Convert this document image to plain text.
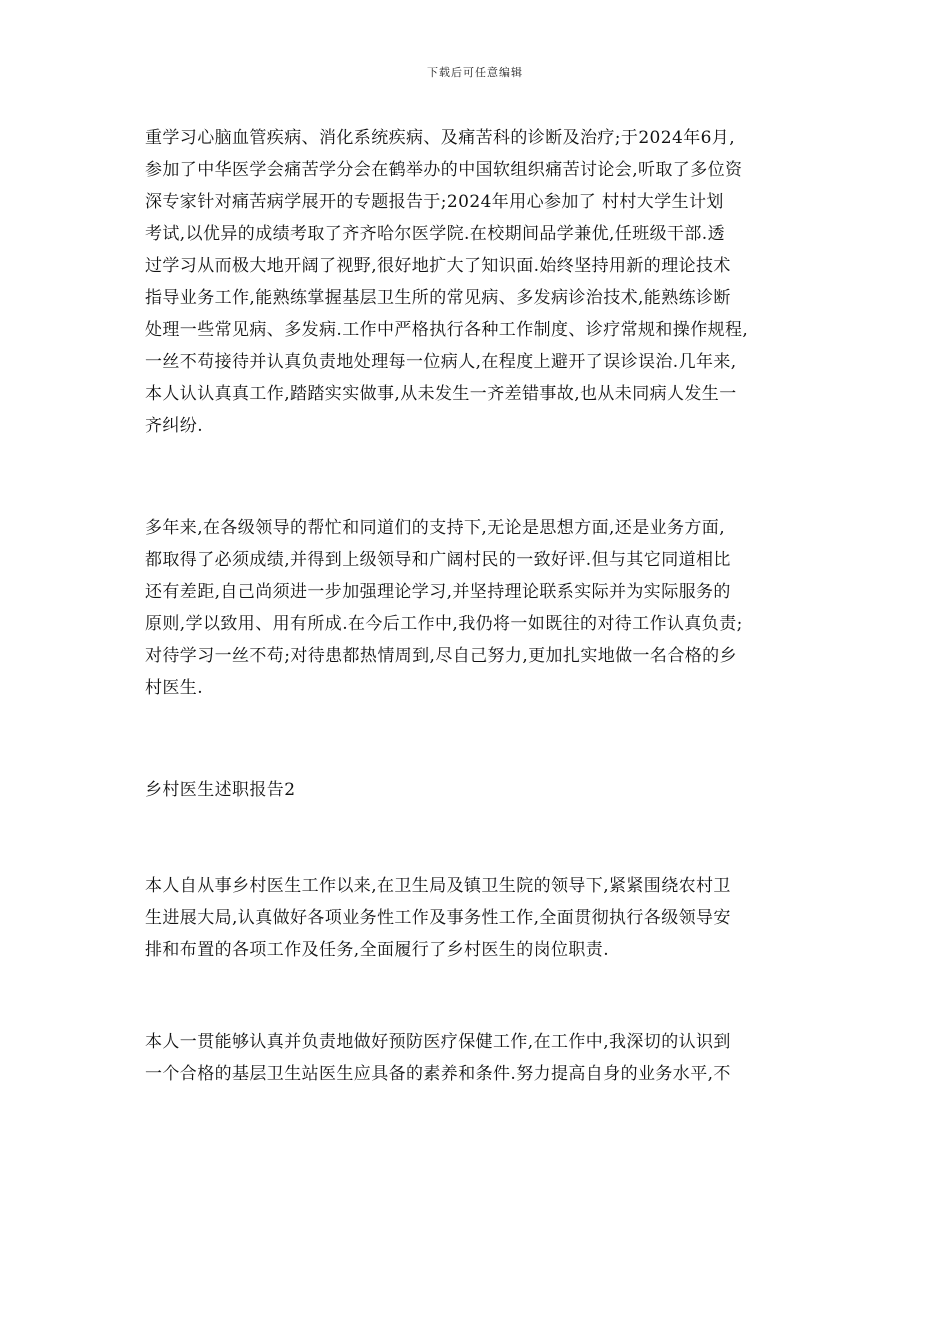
下载后可任意编辑
重学习心脑血管疾病、消化系统疾病、及痛苦科的诊断及治疗;于2024年6月,
参加了中华医学会痛苦学分会在鹤举办的中国软组织痛苦讨论会,听取了多位资
深专家针对痛苦病学展开的专题报告于;2024年用心参加了 村村大学生计划
考试,以优异的成绩考取了齐齐哈尔医学院.在校期间品学兼优,任班级干部.透
过学习从而极大地开阔了视野,很好地扩大了知识面.始终坚持用新的理论技术
指导业务工作,能熟练掌握基层卫生所的常见病、多发病诊治技术,能熟练诊断
处理一些常见病、多发病.工作中严格执行各种工作制度、诊疗常规和操作规程,
一丝不苟接待并认真负责地处理每一位病人,在程度上避开了误诊误治.几年来,
本人认认真真工作,踏踏实实做事,从未发生一齐差错事故,也从未同病人发生一
齐纠纷.
多年来,在各级领导的帮忙和同道们的支持下,无论是思想方面,还是业务方面,
都取得了必须成绩,并得到上级领导和广阔村民的一致好评.但与其它同道相比
还有差距,自己尚须进一步加强理论学习,并坚持理论联系实际并为实际服务的
原则,学以致用、用有所成.在今后工作中,我仍将一如既往的对待工作认真负责;
对待学习一丝不苟;对待患都热情周到,尽自己努力,更加扎实地做一名合格的乡
村医生.
乡村医生述职报告2
本人自从事乡村医生工作以来,在卫生局及镇卫生院的领导下,紧紧围绕农村卫
生进展大局,认真做好各项业务性工作及事务性工作,全面贯彻执行各级领导安
排和布置的各项工作及任务,全面履行了乡村医生的岗位职责.
本人一贯能够认真并负责地做好预防医疗保健工作,在工作中,我深切的认识到
一个合格的基层卫生站医生应具备的素养和条件.努力提高自身的业务水平,不
